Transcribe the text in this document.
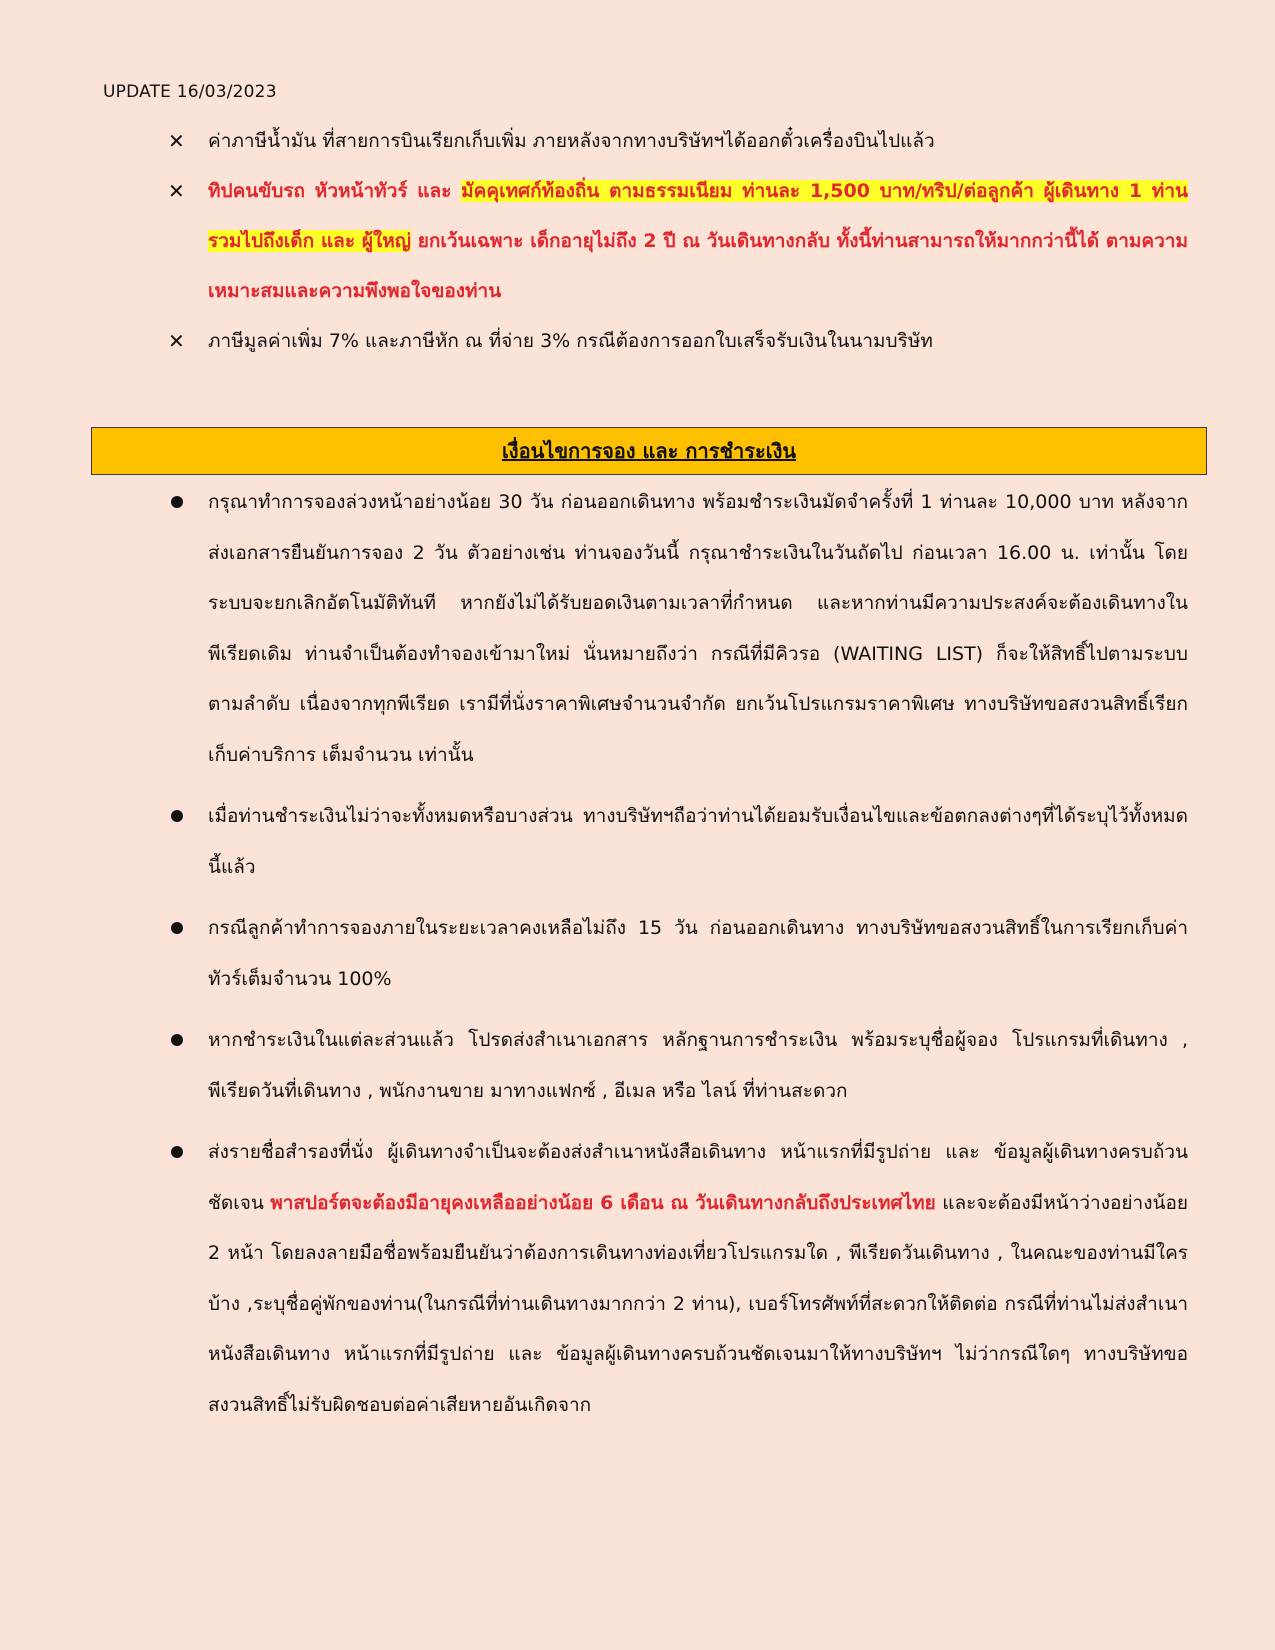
UPDATE 16/03/2023
✕ ค่าภาษีน้ำมัน ที่สายการบินเรียกเก็บเพิ่ม ภายหลังจากทางบริษัทฯได้ออกตั๋วเครื่องบินไปแล้ว
✕ ทิปคนขับรถ หัวหน้าทัวร์ และ มัคคุเทศก์ท้องถิ่น ตามธรรมเนียม ท่านละ 1,500 บาท/ทริป/ต่อลูกค้า ผู้เดินทาง 1 ท่าน รวมไปถึงเด็ก และ ผู้ใหญ่ ยกเว้นเฉพาะ เด็กอายุไม่ถึง 2 ปี ณ วันเดินทางกลับ ทั้งนี้ท่านสามารถให้มากกว่านี้ได้ ตามความเหมาะสมและความพึงพอใจของท่าน
✕ ภาษีมูลค่าเพิ่ม 7% และภาษีหัก ณ ที่จ่าย 3% กรณีต้องการออกใบเสร็จรับเงินในนามบริษัท
เงื่อนไขการจอง และ การชำระเงิน
กรุณาทำการจองล่วงหน้าอย่างน้อย 30 วัน ก่อนออกเดินทาง พร้อมชำระเงินมัดจำครั้งที่ 1 ท่านละ 10,000 บาท หลังจากส่งเอกสารยืนยันการจอง 2 วัน ตัวอย่างเช่น ท่านจองวันนี้ กรุณาชำระเงินในวันถัดไป ก่อนเวลา 16.00 น. เท่านั้น โดยระบบจะยกเลิกอัตโนมัติทันที หากยังไม่ได้รับยอดเงินตามเวลาที่กำหนด และหากท่านมีความประสงค์จะต้องเดินทางในพีเรียดเดิม ท่านจำเป็นต้องทำจองเข้ามาใหม่ นั่นหมายถึงว่า กรณีที่มีคิวรอ (WAITING LIST) ก็จะให้สิทธิ์ไปตามระบบ ตามลำดับ เนื่องจากทุกพีเรียด เรามีที่นั่งราคาพิเศษจำนวนจำกัด ยกเว้นโปรแกรมราคาพิเศษ ทางบริษัทขอสงวนสิทธิ์เรียกเก็บค่าบริการ เต็มจำนวน เท่านั้น
เมื่อท่านชำระเงินไม่ว่าจะทั้งหมดหรือบางส่วน ทางบริษัทฯถือว่าท่านได้ยอมรับเงื่อนไขและข้อตกลงต่างๆที่ได้ระบุไว้ทั้งหมดนี้แล้ว
กรณีลูกค้าทำการจองภายในระยะเวลาคงเหลือไม่ถึง 15 วัน ก่อนออกเดินทาง ทางบริษัทขอสงวนสิทธิ์ในการเรียกเก็บค่าทัวร์เต็มจำนวน 100%
หากชำระเงินในแต่ละส่วนแล้ว โปรดส่งสำเนาเอกสาร หลักฐานการชำระเงิน พร้อมระบุชื่อผู้จอง โปรแกรมที่เดินทาง , พีเรียดวันที่เดินทาง , พนักงานขาย มาทางแฟกซ์ , อีเมล หรือ ไลน์ ที่ท่านสะดวก
ส่งรายชื่อสำรองที่นั่ง ผู้เดินทางจำเป็นจะต้องส่งสำเนาหนังสือเดินทาง หน้าแรกที่มีรูปถ่าย และ ข้อมูลผู้เดินทางครบถ้วนชัดเจน พาสปอร์ตจะต้องมีอายุคงเหลืออย่างน้อย 6 เดือน ณ วันเดินทางกลับถึงประเทศไทย และจะต้องมีหน้าว่างอย่างน้อย 2 หน้า โดยลงลายมือชื่อพร้อมยืนยันว่าต้องการเดินทางท่องเที่ยวโปรแกรมใด , พีเรียดวันเดินทาง , ในคณะของท่านมีใครบ้าง ,ระบุชื่อคู่พักของท่าน(ในกรณีที่ท่านเดินทางมากกว่า 2 ท่าน), เบอร์โทรศัพท์ที่สะดวกให้ติดต่อ กรณีที่ท่านไม่ส่งสำเนาหนังสือเดินทาง หน้าแรกที่มีรูปถ่าย และ ข้อมูลผู้เดินทางครบถ้วนชัดเจนมาให้ทางบริษัทฯ ไม่ว่ากรณีใดๆ ทางบริษัทขอสงวนสิทธิ์ไม่รับผิดชอบต่อค่าเสียหายอันเกิดจาก
